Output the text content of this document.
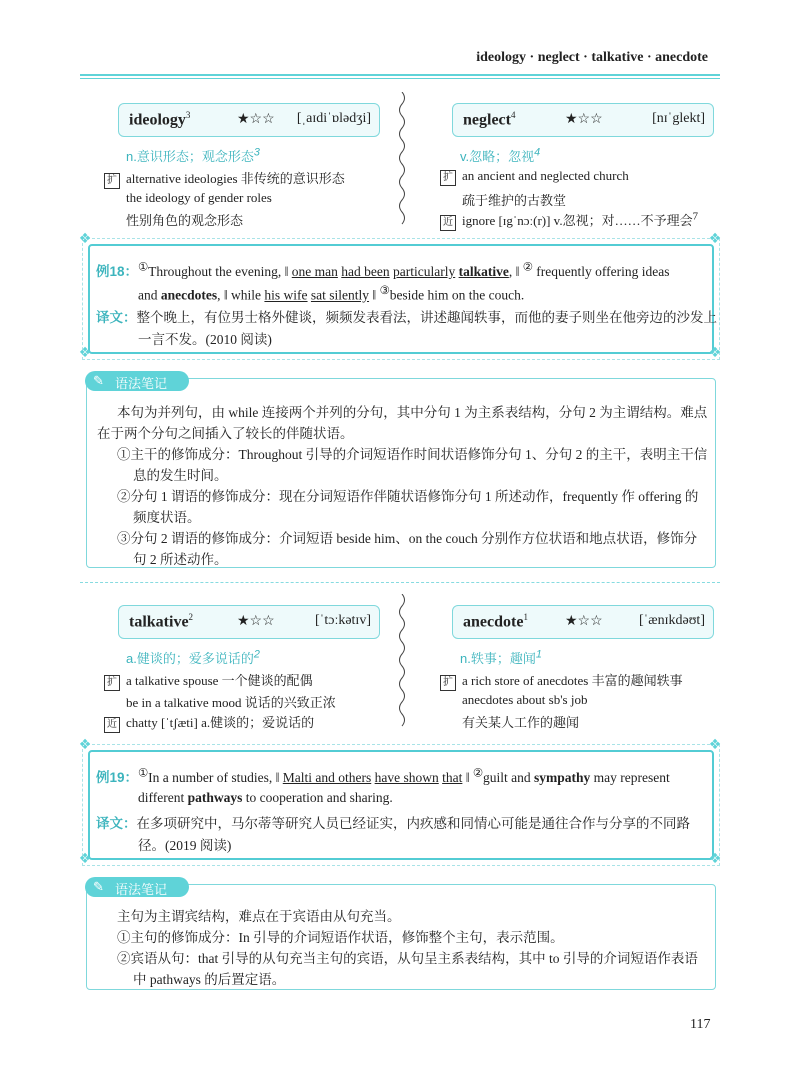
ideology · neglect · talkative · anecdote
ideology$^3$	★☆☆ [ˌaɪdiˈɒlədʒi]
n.意识形态；观念形态$^3$
扩 alternative ideologies 非传统的意识形态
the ideology of gender roles
性别角色的观念形态
neglect$^4$	★☆☆	[nɪˈglekt]
v.忽略；忽视$^4$
扩 an ancient and neglected church
疏于维护的古教堂
近 ignore [ɪgˈnɔː(r)] v.忽视；对……不予理会$^7$
例18：①Throughout the evening, ‖ one man had been particularly talkative, ‖ ② frequently offering ideas
and anecdotes, ‖ while his wife sat silently ‖ ③beside him on the couch.
译文：整个晚上，有位男士格外健谈，频频发表看法，讲述趣闻轶事，而他的妻子则坐在他旁边的沙发上
一言不发。(2010 阅读)
❖	❖
❖	❖
✎ 语法笔记
本句为并列句，由 while 连接两个并列的分句，其中分句 1 为主系表结构，分句 2 为主谓结构。难点
在于两个分句之间插入了较长的伴随状语。
①主干的修饰成分：Throughout 引导的介词短语作时间状语修饰分句 1、分句 2 的主干，表明主干信
息的发生时间。
②分句 1 谓语的修饰成分：现在分词短语作伴随状语修饰分句 1 所述动作，frequently 作 offering 的
频度状语。
③分句 2 谓语的修饰成分：介词短语 beside him、on the couch 分别作方位状语和地点状语，修饰分
句 2 所述动作。
talkative$^2$	★☆☆	[ˈtɔːkətɪv]
a.健谈的；爱多说话的$^2$
扩 a talkative spouse 一个健谈的配偶
be in a talkative mood 说话的兴致正浓
近 chatty [ˈtʃæti] a.健谈的；爱说话的
anecdote$^1$	★☆☆	[ˈænɪkdəʊt]
n.轶事；趣闻$^1$
扩 a rich store of anecdotes 丰富的趣闻轶事
anecdotes about sb's job
有关某人工作的趣闻
例19：①In a number of studies, ‖ Malti and others have shown that ‖ ②guilt and sympathy may represent
different pathways to cooperation and sharing.
译文：在多项研究中，马尔蒂等研究人员已经证实，内疚感和同情心可能是通往合作与分享的不同路
径。(2019 阅读)
❖	❖
❖	❖
✎ 语法笔记
主句为主谓宾结构，难点在于宾语由从句充当。
①主句的修饰成分：In 引导的介词短语作状语，修饰整个主句，表示范围。
②宾语从句：that 引导的从句充当主句的宾语，从句呈主系表结构，其中 to 引导的介词短语作表语
中 pathways 的后置定语。
117
